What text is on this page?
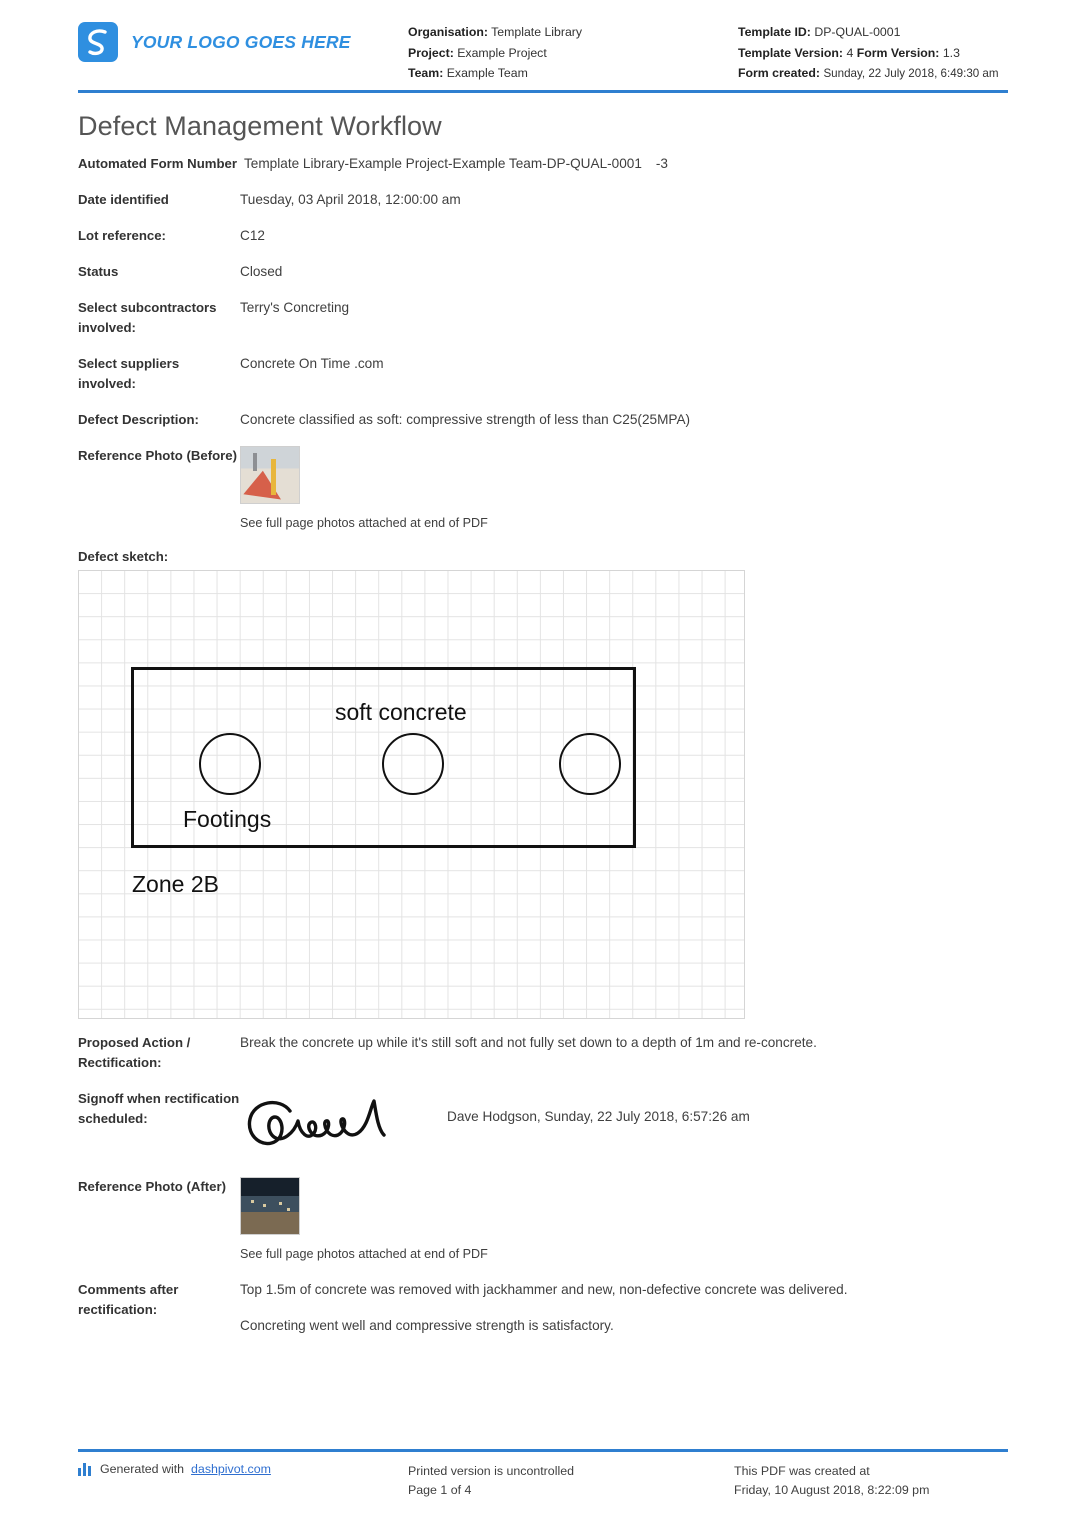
YOUR LOGO GOES HERE	Organisation: Template Library
Project: Example Project
Team: Example Team
Template ID: DP-QUAL-0001
Template Version: 4 Form Version: 1.3
Form created: Sunday, 22 July 2018, 6:49:30 am
Defect Management Workflow
Automated Form Number Template Library-Example Project-Example Team-DP-QUAL-0001 -3
Date identified	Tuesday, 03 April 2018, 12:00:00 am
Lot reference:	C12
Status	Closed
Select subcontractors involved:
Terry's Concreting
Select suppliers involved:
Concrete On Time .com
Defect Description:	Concrete classified as soft: compressive strength of less than C25(25MPA)
Reference Photo (Before)
See full page photos attached at end of PDF
Defect sketch:
soft concrete
Footings
Zone 2B
Proposed Action / Rectification:
Break the concrete up while it's still soft and not fully set down to a depth of 1m and re-concrete.
Signoff when rectification scheduled:	Dave Hodgson, Sunday, 22 July 2018, 6:57:26 am
Reference Photo (After)
See full page photos attached at end of PDF
Comments after rectification:
Top 1.5m of concrete was removed with jackhammer and new, non-defective concrete was delivered.
Concreting went well and compressive strength is satisfactory.
Generated with dashpivot.com	Printed version is uncontrolled
Page 1 of 4
This PDF was created at
Friday, 10 August 2018, 8:22:09 pm
